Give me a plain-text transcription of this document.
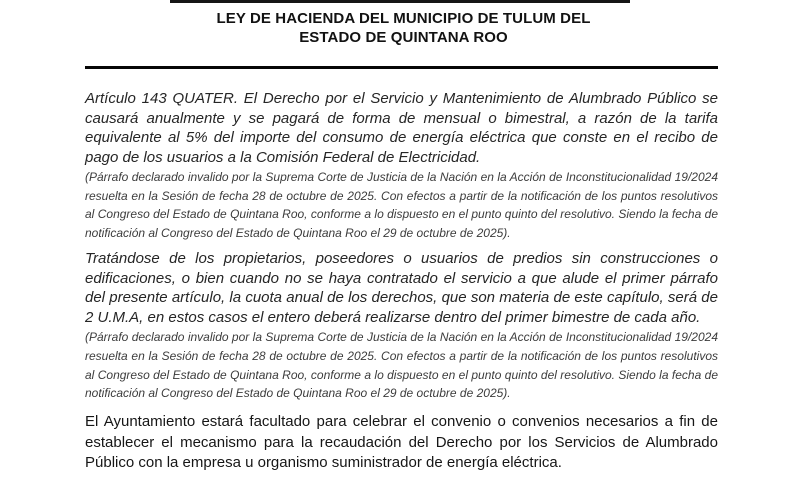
LEY DE HACIENDA DEL MUNICIPIO DE TULUM DEL
ESTADO DE QUINTANA ROO

Artículo 143 QUATER. El Derecho por el Servicio y Mantenimiento de Alumbrado Público se causará anualmente y se pagará de forma de mensual o bimestral, a razón de la tarifa equivalente al 5% del importe del consumo de energía eléctrica que conste en el recibo de pago de los usuarios a la Comisión Federal de Electricidad.

(Párrafo declarado invalido por la Suprema Corte de Justicia de la Nación en la Acción de Inconstitucionalidad 19/2024 resuelta en la Sesión de fecha 28 de octubre de 2025. Con efectos a partir de la notificación de los puntos resolutivos al Congreso del Estado de Quintana Roo, conforme a lo dispuesto en el punto quinto del resolutivo. Siendo la fecha de notificación al Congreso del Estado de Quintana Roo el 29 de octubre de 2025).

Tratándose de los propietarios, poseedores o usuarios de predios sin construcciones o edificaciones, o bien cuando no se haya contratado el servicio a que alude el primer párrafo del presente artículo, la cuota anual de los derechos, que son materia de este capítulo, será de 2 U.M.A, en estos casos el entero deberá realizarse dentro del primer bimestre de cada año.

(Párrafo declarado invalido por la Suprema Corte de Justicia de la Nación en la Acción de Inconstitucionalidad 19/2024 resuelta en la Sesión de fecha 28 de octubre de 2025. Con efectos a partir de la notificación de los puntos resolutivos al Congreso del Estado de Quintana Roo, conforme a lo dispuesto en el punto quinto del resolutivo. Siendo la fecha de notificación al Congreso del Estado de Quintana Roo el 29 de octubre de 2025).

El Ayuntamiento estará facultado para celebrar el convenio o convenios necesarios a fin de establecer el mecanismo para la recaudación del Derecho por los Servicios de Alumbrado Público con la empresa u organismo suministrador de energía eléctrica.
